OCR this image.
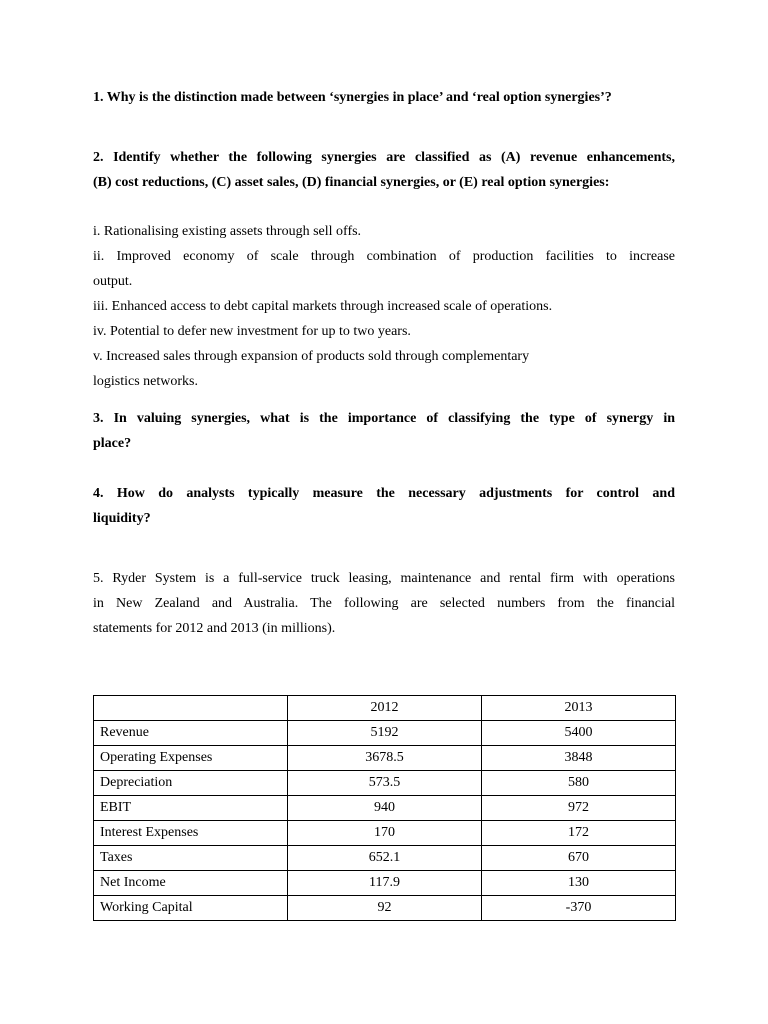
1. Why is the distinction made between ‘synergies in place’ and ‘real option synergies’?
2. Identify whether the following synergies are classified as (A) revenue enhancements,
(B) cost reductions, (C) asset sales, (D) financial synergies, or (E) real option synergies:
i. Rationalising existing assets through sell offs.
ii. Improved economy of scale through combination of production facilities to increase
output.
iii. Enhanced access to debt capital markets through increased scale of operations.
iv. Potential to defer new investment for up to two years.
v. Increased sales through expansion of products sold through complementary
logistics networks.
3. In valuing synergies, what is the importance of classifying the type of synergy in
place?
4. How do analysts typically measure the necessary adjustments for control and
liquidity?
5. Ryder System is a full-service truck leasing, maintenance and rental firm with operations
in New Zealand and Australia. The following are selected numbers from the financial
statements for 2012 and 2013 (in millions).
	2012	2013
Revenue	5192	5400
Operating Expenses	3678.5	3848
Depreciation	573.5	580
EBIT	940	972
Interest Expenses	170	172
Taxes	652.1	670
Net Income	117.9	130
Working Capital	92	-370
